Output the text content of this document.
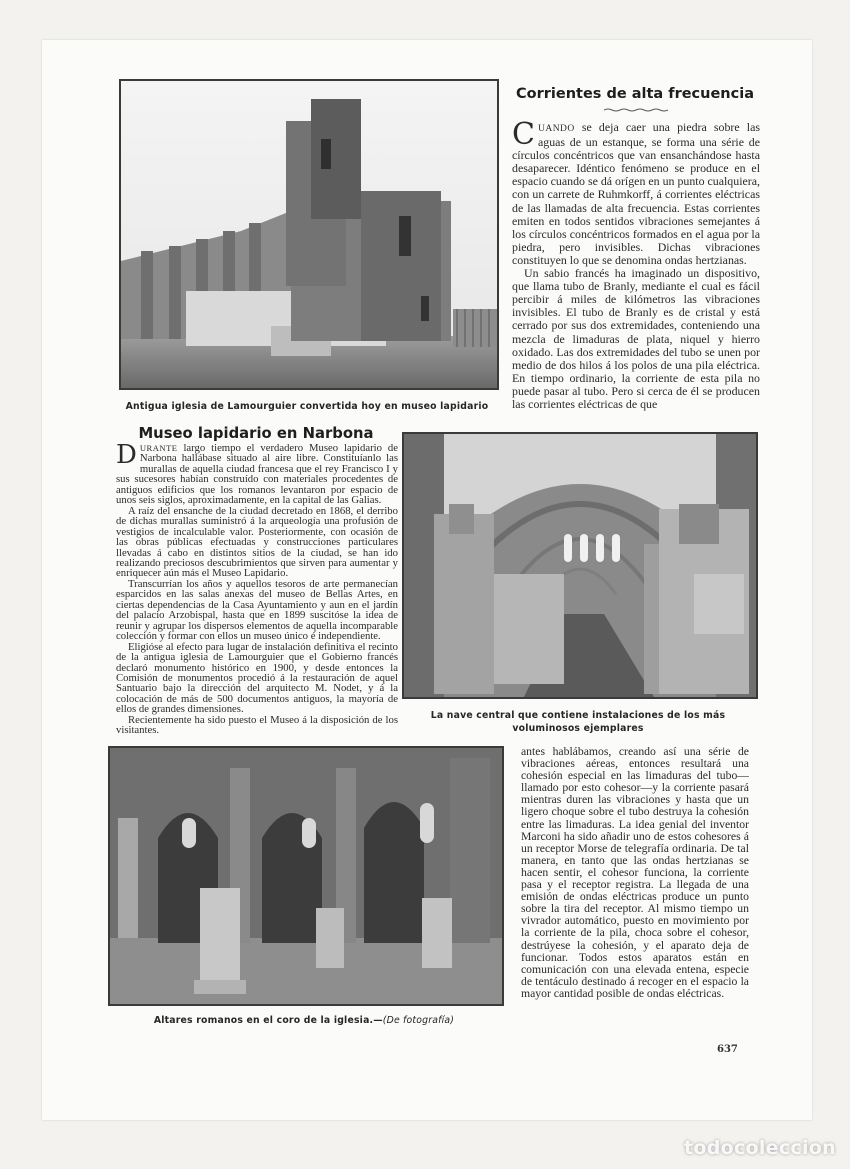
Antigua iglesia de Lamourguier convertida hoy en museo lapidario
Corrientes de alta frecuencia

CUANDO se deja caer una piedra sobre las aguas de un estanque, se forma una série de círculos concéntricos que van ensanchándose hasta desaparecer. Idéntico fenómeno se produce en el espacio cuando se dá orígen en un punto cualquiera, con un carrete de Ruhmkorff, á corrientes eléctricas de las llamadas de alta frecuencia. Estas corrientes emiten en todos sentidos vibraciones semejantes á los círculos concéntricos formados en el agua por la piedra, pero invisibles. Dichas vibraciones constituyen lo que se denomina ondas hertzianas.

Un sabio francés ha imaginado un dispositivo, que llama tubo de Branly, mediante el cual es fácil percibir á miles de kilómetros las vibraciones invisibles. El tubo de Branly es de cristal y está cerrado por sus dos extremidades, conteniendo una mezcla de limaduras de plata, niquel y hierro oxidado. Las dos extremidades del tubo se unen por medio de dos hilos á los polos de una pila eléctrica. En tiempo ordinario, la corriente de esta pila no puede pasar al tubo. Pero si cerca de él se producen las corrientes eléctricas de que

Museo lapidario en Narbona

DURANTE largo tiempo el verdadero Museo lapidario de Narbona hallábase situado al aire libre. Constituíanlo las murallas de aquella ciudad francesa que el rey Francisco I y sus sucesores habían construído con materiales procedentes de antiguos edificios que los romanos levantaron por espacio de unos seis siglos, aproximadamente, en la capital de las Galias.

A raíz del ensanche de la ciudad decretado en 1868, el derribo de dichas murallas suministró á la arqueología una profusión de vestigios de incalculable valor. Posteriormente, con ocasión de las obras públicas efectuadas y construcciones particulares llevadas á cabo en distintos sitios de la ciudad, se han ido realizando preciosos descubrimientos que sirven para aumentar y enriquecer aún más el Museo Lapidario.

Transcurrían los años y aquellos tesoros de arte permanecían esparcidos en las salas anexas del museo de Bellas Artes, en ciertas dependencias de la Casa Ayuntamiento y aun en el jardín del palacio Arzobispal, hasta que en 1899 suscitóse la idea de reunir y agrupar los dispersos elementos de aquella incomparable colección y formar con ellos un museo único é independiente.

Eligióse al efecto para lugar de instalación definitiva el recinto de la antigua iglesia de Lamourguier que el Gobierno francés declaró monumento histórico en 1900, y desde entonces la Comisión de monumentos procedió á la restauración de aquel Santuario bajo la dirección del arquitecto M. Nodet, y á la colocación de más de 500 documentos antiguos, la mayoría de ellos de grandes dimensiones.

Recientemente ha sido puesto el Museo á la disposición de los visitantes.

La nave central que contiene instalaciones de los más
voluminosos ejemplares
Altares romanos en el coro de la iglesia.—(De fotografía)

antes hablábamos, creando así una série de vibraciones aéreas, entonces resultará una cohesión especial en las limaduras del tubo—llamado por esto cohesor—y la corriente pasará mientras duren las vibraciones y hasta que un ligero choque sobre el tubo destruya la cohesión entre las limaduras. La idea genial del inventor Marconi ha sido añadir uno de estos cohesores á un receptor Morse de telegrafía ordinaria. De tal manera, en tanto que las ondas hertzianas se hacen sentir, el cohesor funciona, la corriente pasa y el receptor registra. La llegada de una emisión de ondas eléctricas produce un punto sobre la tira del receptor. Al mismo tiempo un vivrador automático, puesto en movimiento por la corriente de la pila, choca sobre el cohesor, destrúyese la cohesión, y el aparato deja de funcionar. Todos estos aparatos están en comunicación con una elevada entena, especie de tentáculo destinado á recoger en el espacio la mayor cantidad posible de ondas eléctricas.

637
todocoleccion
